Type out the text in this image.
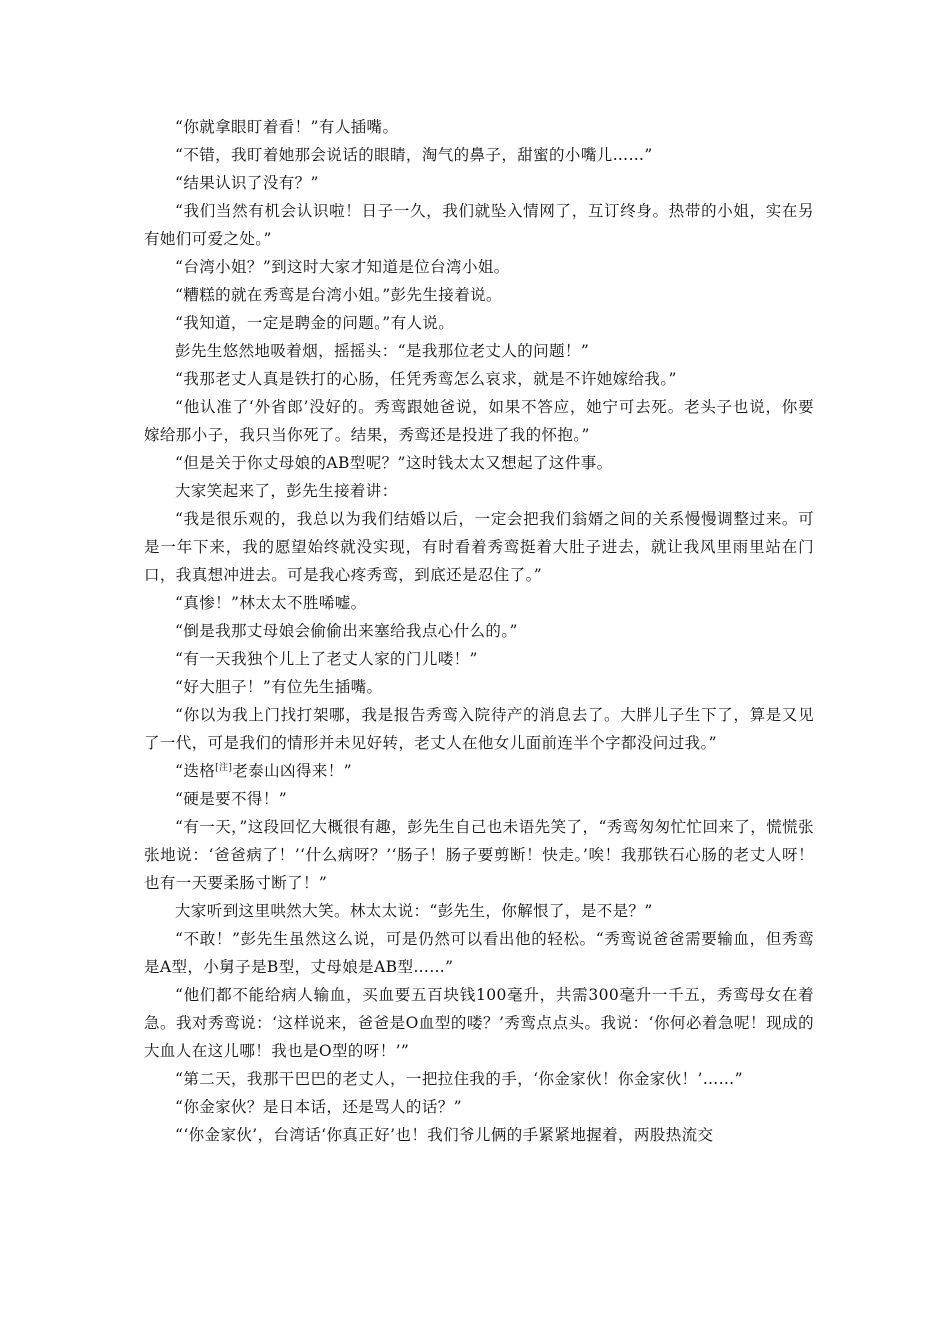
“你就拿眼盯着看！”有人插嘴。

“不错，我盯着她那会说话的眼睛，淘气的鼻子，甜蜜的小嘴儿……”

“结果认识了没有？”

“我们当然有机会认识啦！日子一久，我们就坠入情网了，互订终身。热带的小姐，实在另有她们可爱之处。”

“台湾小姐？”到这时大家才知道是位台湾小姐。

“糟糕的就在秀鸾是台湾小姐。”彭先生接着说。

“我知道，一定是聘金的问题。”有人说。

彭先生悠然地吸着烟，摇摇头：“是我那位老丈人的问题！”

“我那老丈人真是铁打的心肠，任凭秀鸾怎么哀求，就是不许她嫁给我。”

“他认准了‘外省郎’没好的。秀鸾跟她爸说，如果不答应，她宁可去死。老头子也说，你要嫁给那小子，我只当你死了。结果，秀鸾还是投进了我的怀抱。”

“但是关于你丈母娘的AB型呢？”这时钱太太又想起了这件事。

大家笑起来了，彭先生接着讲：

“我是很乐观的，我总以为我们结婚以后，一定会把我们翁婿之间的关系慢慢调整过来。可是一年下来，我的愿望始终就没实现，有时看着秀鸾挺着大肚子进去，就让我风里雨里站在门口，我真想冲进去。可是我心疼秀鸾，到底还是忍住了。”

“真惨！”林太太不胜唏嘘。

“倒是我那丈母娘会偷偷出来塞给我点心什么的。”

“有一天我独个儿上了老丈人家的门儿喽！”

“好大胆子！”有位先生插嘴。

“你以为我上门找打架哪，我是报告秀鸾入院待产的消息去了。大胖儿子生下了，算是又见了一代，可是我们的情形并未见好转，老丈人在他女儿面前连半个字都没问过我。”

“迭格[注]老泰山凶得来！”

“硬是要不得！”

“有一天，”这段回忆大概很有趣，彭先生自己也未语先笑了，“秀鸾匆匆忙忙回来了，慌慌张张地说：‘爸爸病了！’‘什么病呀？’‘肠子！肠子要剪断！快走。’唉！我那铁石心肠的老丈人呀！也有一天要柔肠寸断了！”

大家听到这里哄然大笑。林太太说：“彭先生，你解恨了，是不是？”

“不敢！”彭先生虽然这么说，可是仍然可以看出他的轻松。“秀鸾说爸爸需要输血，但秀鸾是A型，小舅子是B型，丈母娘是AB型……”

“他们都不能给病人输血，买血要五百块钱100毫升，共需300毫升一千五，秀鸾母女在着急。我对秀鸾说：‘这样说来，爸爸是O血型的喽？’秀鸾点点头。我说：‘你何必着急呢！现成的大血人在这儿哪！我也是O型的呀！’”

“第二天，我那干巴巴的老丈人，一把拉住我的手，‘你金家伙！你金家伙！’……”

“你金家伙？是日本话，还是骂人的话？”

“‘你金家伙’，台湾话‘你真正好’也！我们爷儿俩的手紧紧地握着，两股热流交
